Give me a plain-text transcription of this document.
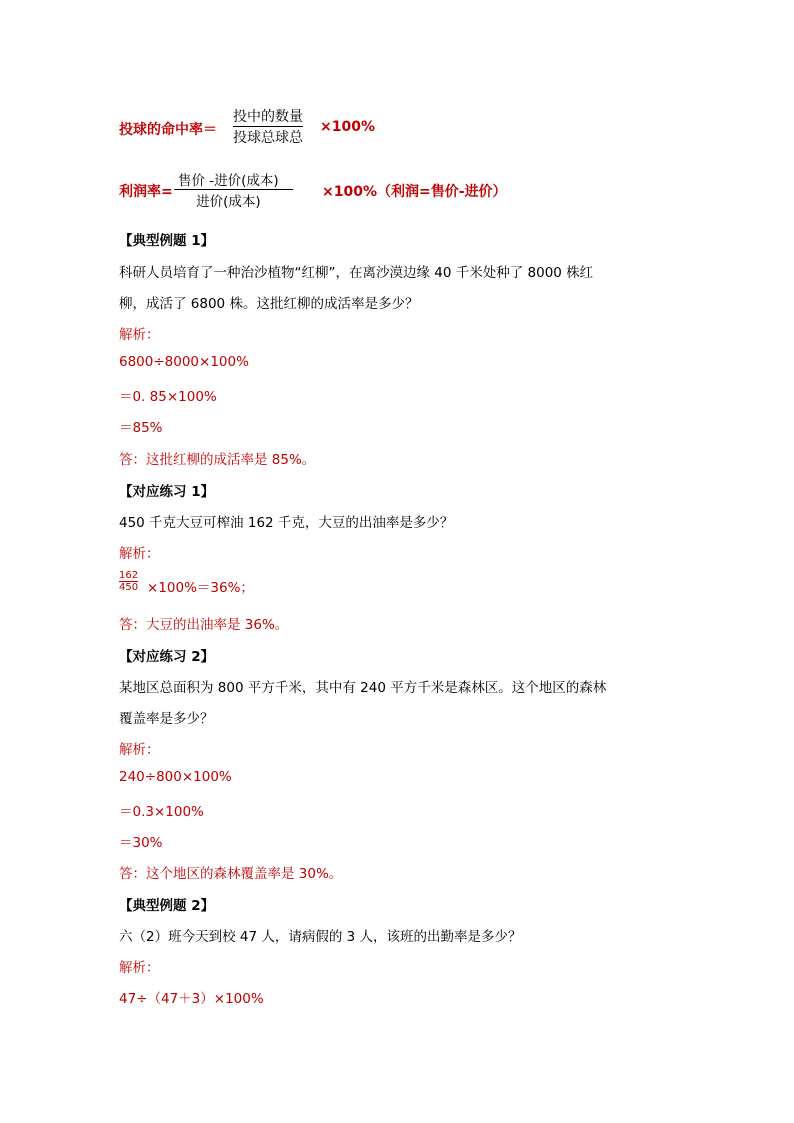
投球的命中率＝
投中的数量
投球总球总
×100%
利润率=
售价 -进价(成本)
进价(成本)
×100%（利润=售价-进价）
【典型例题 1】
科研人员培育了一种治沙植物“红柳”，在离沙漠边缘 40 千米处种了 8000 株红
柳，成活了 6800 株。这批红柳的成活率是多少？
解析：
6800÷8000×100%
＝0. 85×100%
＝85%
答：这批红柳的成活率是 85%。
【对应练习 1】
450 千克大豆可榨油 162 千克，大豆的出油率是多少？
解析：
162
450 ×100%＝36%；
答：大豆的出油率是 36%。
【对应练习 2】
某地区总面积为 800 平方千米，其中有 240 平方千米是森林区。这个地区的森林
覆盖率是多少？
解析：
240÷800×100%
＝0.3×100%
＝30%
答：这个地区的森林覆盖率是 30%。
【典型例题 2】
六（2）班今天到校 47 人，请病假的 3 人，该班的出勤率是多少？
解析：
47÷（47＋3）×100%
